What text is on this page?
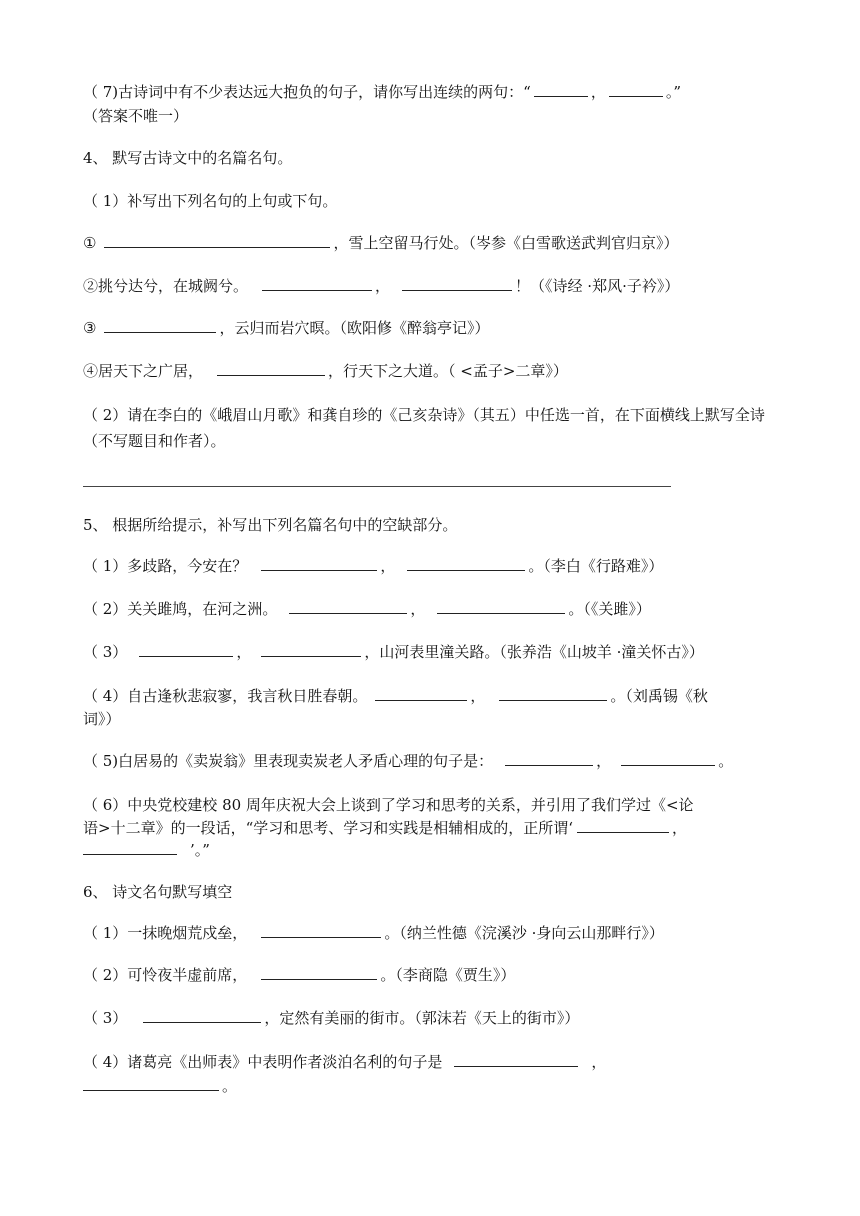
（ 7)古诗词中有不少表达远大抱负的句子，请你写出连续的两句：“	，	。”
（答案不唯一）
4、 默写古诗文中的名篇名句。
（ 1）补写出下列名句的上句或下句。
①	，雪上空留马行处。（岑参《白雪歌送武判官归京》）
②挑兮达兮，在城阙兮。	，	！（《诗经 ·郑风·子衿》）
③	，云归而岩穴暝。（欧阳修《醉翁亭记》）
④居天下之广居，	，行天下之大道。（ <孟子>二章》）
（ 2）请在李白的《峨眉山月歌》和龚自珍的《己亥杂诗》（其五）中任选一首，在下面横线上默写全诗（不写题目和作者）。
5、 根据所给提示，补写出下列名篇名句中的空缺部分。
（ 1）多歧路，今安在？	，	。（李白《行路难》）
（ 2）关关雎鸠，在河之洲。	，	。（《关雎》）
（ 3）	，	，山河表里潼关路。（张养浩《山坡羊 ·潼关怀古》）
（ 4）自古逢秋悲寂寥，我言秋日胜春朝。	，	。（刘禹锡《秋
词》）
（ 5)白居易的《卖炭翁》里表现卖炭老人矛盾心理的句子是：	，	。
（ 6）中央党校建校 80 周年庆祝大会上谈到了学习和思考的关系，并引用了我们学过《<论
语>十二章》的一段话，“学习和思考、学习和实践是相辅相成的，正所谓‘	，
’。”
6、 诗文名句默写填空
（ 1）一抹晚烟荒戍垒，	。（纳兰性德《浣溪沙 ·身向云山那畔行》）
（ 2）可怜夜半虚前席，	。（李商隐《贾生》）
（ 3）	，定然有美丽的街市。（郭沫若《天上的街市》）
（ 4）诸葛亮《出师表》中表明作者淡泊名利的句子是	，
。
